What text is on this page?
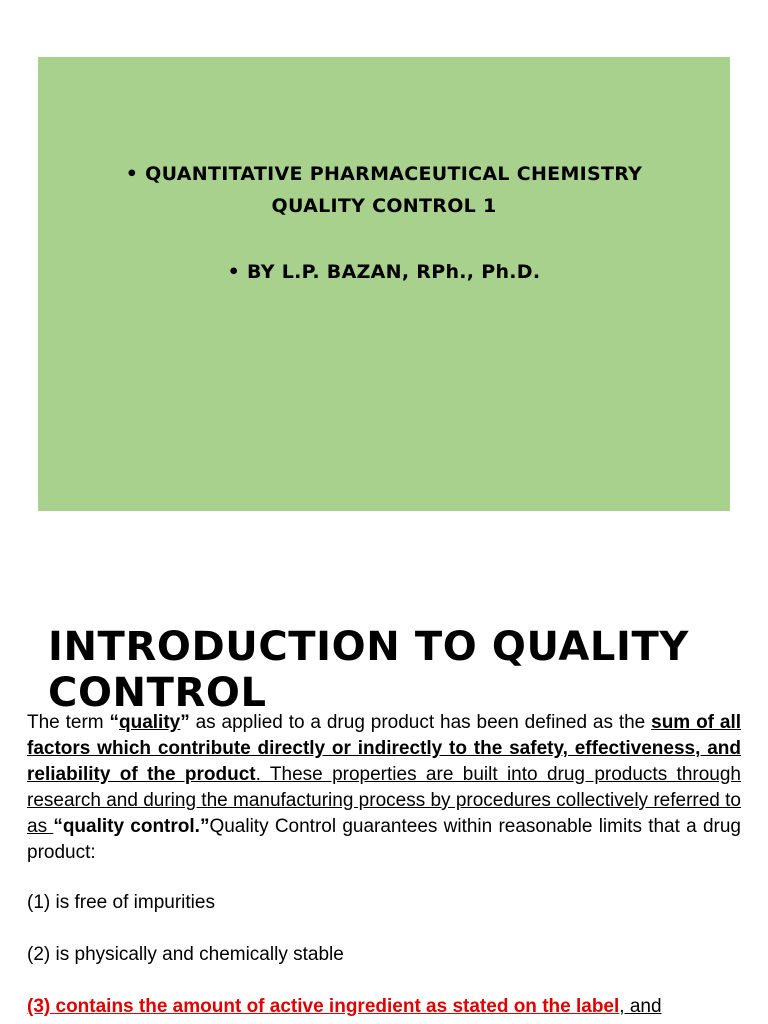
• QUANTITATIVE PHARMACEUTICAL CHEMISTRY
QUALITY CONTROL 1
• BY L.P. BAZAN, RPh., Ph.D.
INTRODUCTION TO QUALITY CONTROL

The term “quality” as applied to a drug product has been defined as the sum of all factors which contribute directly or indirectly to the safety, effectiveness, and reliability of the product. These properties are built into drug products through research and during the manufacturing process by procedures collectively referred to as “quality control.”Quality Control guarantees within reasonable limits that a drug product:

(1) is free of impurities

(2) is physically and chemically stable

(3) contains the amount of active ingredient as stated on the label, and
